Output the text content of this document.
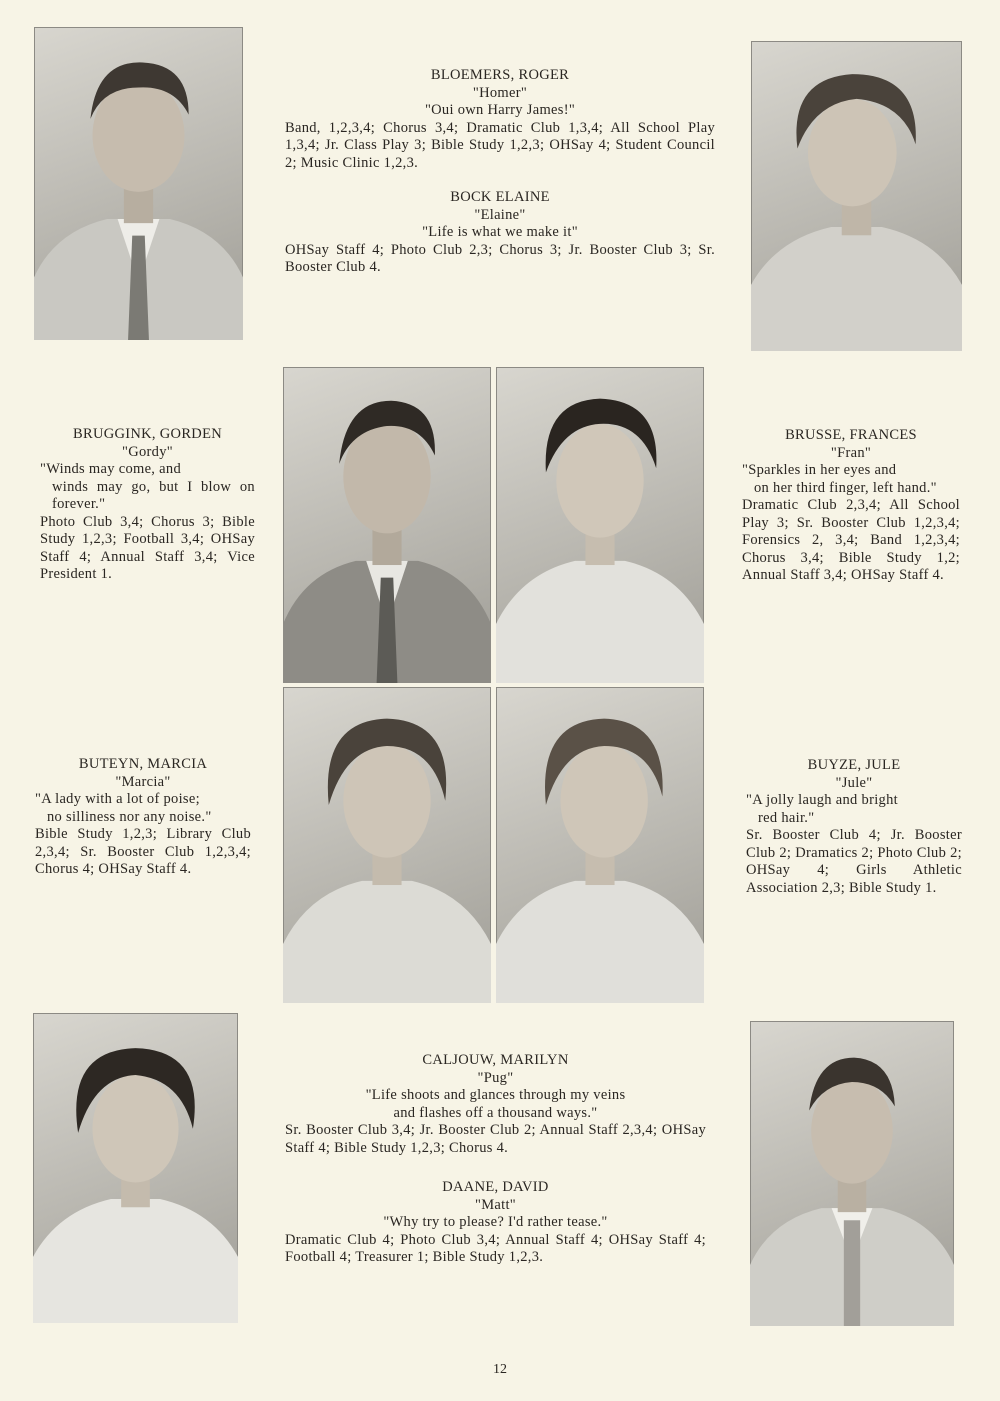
BLOEMERS, ROGER
"Homer"
"Oui own Harry James!"
Band, 1,2,3,4; Chorus 3,4; Dramatic Club 1,3,4; All School Play 1,3,4; Jr. Class Play 3; Bible Study 1,2,3; OHSay 4; Student Council 2; Music Clinic 1,2,3.
BOCK ELAINE
"Elaine"
"Life is what we make it"
OHSay Staff 4; Photo Club 2,3; Chorus 3; Jr. Booster Club 3; Sr. Booster Club 4.
BRUGGINK, GORDEN
"Gordy"
"Winds may come, and
winds may go, but I blow on forever."
Photo Club 3,4; Chorus 3; Bible Study 1,2,3; Football 3,4; OHSay Staff 4; Annual Staff 3,4; Vice President 1.
BRUSSE, FRANCES
"Fran"
"Sparkles in her eyes and
on her third finger, left hand."
Dramatic Club 2,3,4; All School Play 3; Sr. Booster Club 1,2,3,4; Forensics 2, 3,4; Band 1,2,3,4; Chorus 3,4; Bible Study 1,2; Annual Staff 3,4; OHSay Staff 4.
BUTEYN, MARCIA
"Marcia"
"A lady with a lot of poise;
no silliness nor any noise."
Bible Study 1,2,3; Library Club 2,3,4; Sr. Booster Club 1,2,3,4; Chorus 4; OHSay Staff 4.
BUYZE, JULE
"Jule"
"A jolly laugh and bright
red hair."
Sr. Booster Club 4; Jr. Booster Club 2; Dramatics 2; Photo Club 2; OHSay 4; Girls Athletic Association 2,3; Bible Study 1.
CALJOUW, MARILYN
"Pug"
"Life shoots and glances through my veins
and flashes off a thousand ways."
Sr. Booster Club 3,4; Jr. Booster Club 2; Annual Staff 2,3,4; OHSay Staff 4; Bible Study 1,2,3; Chorus 4.
DAANE, DAVID
"Matt"
"Why try to please? I'd rather tease."
Dramatic Club 4; Photo Club 3,4; Annual Staff 4; OHSay Staff 4; Football 4; Treasurer 1; Bible Study 1,2,3.
12
